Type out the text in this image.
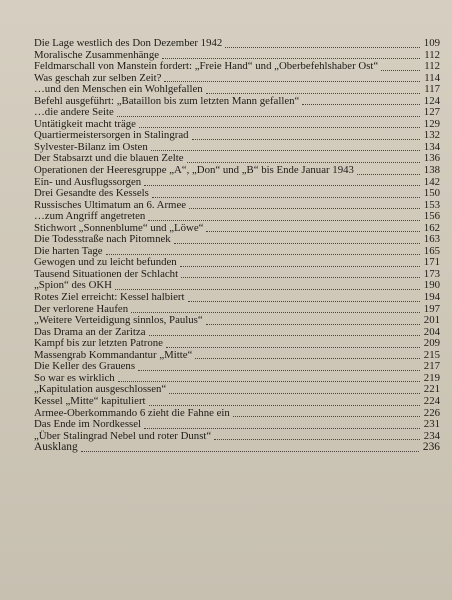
Die Lage westlich des Don Dezember 1942	109
Moralische Zusammenhänge	112
Feldmarschall von Manstein fordert: „Freie Hand“ und „Oberbefehlshaber Ost“	112
Was geschah zur selben Zeit?	114
…und den Menschen ein Wohlgefallen	117
Befehl ausgeführt: „Bataillon bis zum letzten Mann gefallen“	124
…die andere Seite	127
Untätigkeit macht träge	129
Quartiermeistersorgen in Stalingrad	132
Sylvester-Bilanz im Osten	134
Der Stabsarzt und die blauen Zelte	136
Operationen der Heeresgruppe „A“, „Don“ und „B“ bis Ende Januar 1943	138
Ein- und Ausflugssorgen	142
Drei Gesandte des Kessels	150
Russisches Ultimatum an 6. Armee	153
…zum Angriff angetreten	156
Stichwort „Sonnenblume“ und „Löwe“	162
Die Todesstraße nach Pitomnek	163
Die harten Tage	165
Gewogen und zu leicht befunden	171
Tausend Situationen der Schlacht	173
„Spion“ des OKH	190
Rotes Ziel erreicht: Kessel halbiert	194
Der verlorene Haufen	197
„Weitere Verteidigung sinnlos, Paulus“	201
Das Drama an der Zaritza	204
Kampf bis zur letzten Patrone	209
Massengrab Kommandantur „Mitte“	215
Die Keller des Grauens	217
So war es wirklich	219
„Kapitulation ausgeschlossen“	221
Kessel „Mitte“ kapituliert	224
Armee-Oberkommando 6 zieht die Fahne ein	226
Das Ende im Nordkessel	231
„Über Stalingrad Nebel und roter Dunst“	234
Ausklang	236
